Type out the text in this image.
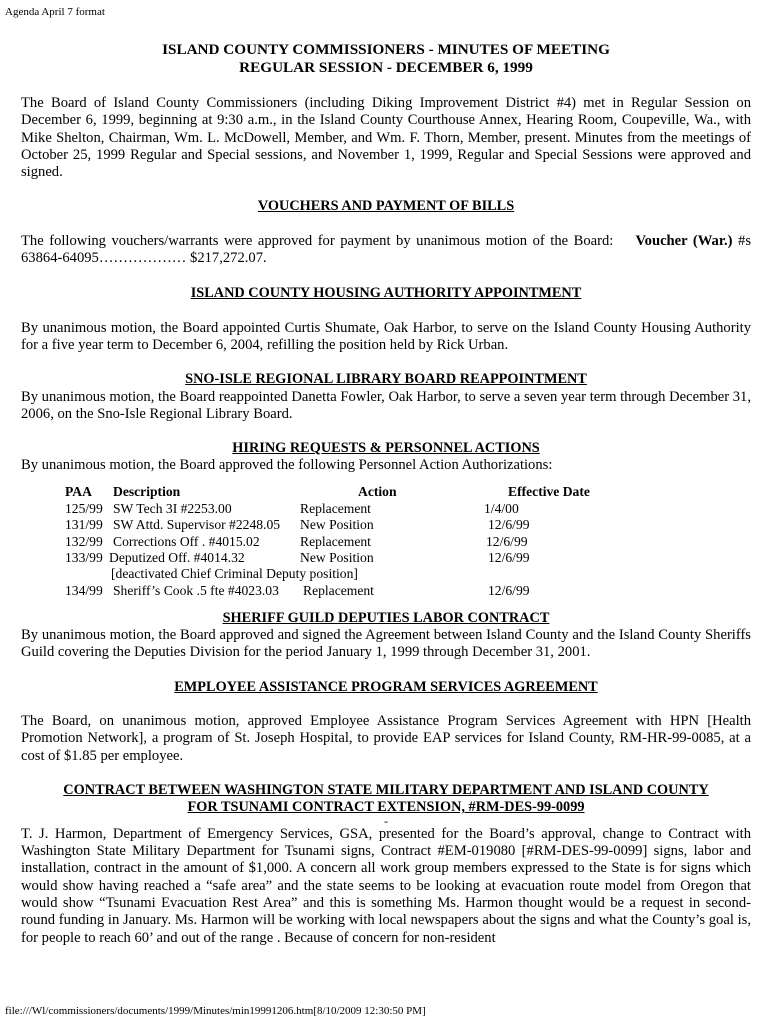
Agenda April 7 format

ISLAND COUNTY COMMISSIONERS - MINUTES OF MEETING

REGULAR SESSION - DECEMBER 6, 1999

The Board of Island County Commissioners (including Diking Improvement District #4) met in Regular Session on December 6, 1999, beginning at 9:30 a.m., in the Island County Courthouse Annex, Hearing Room, Coupeville, Wa., with Mike Shelton, Chairman, Wm. L. McDowell, Member, and Wm. F. Thorn, Member, present. Minutes from the meetings of October 25, 1999 Regular and Special sessions, and November 1, 1999, Regular and Special Sessions were approved and signed.

VOUCHERS AND PAYMENT OF BILLS

The following vouchers/warrants were approved for payment by unanimous motion of the Board: Voucher (War.) #s 63864-64095……………… $217,272.07.

ISLAND COUNTY HOUSING AUTHORITY APPOINTMENT

By unanimous motion, the Board appointed Curtis Shumate, Oak Harbor, to serve on the Island County Housing Authority for a five year term to December 6, 2004, refilling the position held by Rick Urban.

SNO-ISLE REGIONAL LIBRARY BOARD REAPPOINTMENT

By unanimous motion, the Board reappointed Danetta Fowler, Oak Harbor, to serve a seven year term through December 31, 2006, on the Sno-Isle Regional Library Board.

HIRING REQUESTS & PERSONNEL ACTIONS

By unanimous motion, the Board approved the following Personnel Action Authorizations:

PAA Description	Action	Effective Date
125/99 SW Tech 3I #2253.00	Replacement	1/4/00
131/99 SW Attd. Supervisor #2248.05 New Position	12/6/99
132/99 Corrections Off . #4015.02	Replacement	12/6/99
133/99 Deputized Off. #4014.32	New Position	12/6/99
[deactivated Chief Criminal Deputy position]
134/99 Sheriff’s Cook .5 fte #4023.03 Replacement	12/6/99

SHERIFF GUILD DEPUTIES LABOR CONTRACT

By unanimous motion, the Board approved and signed the Agreement between Island County and the Island County Sheriffs Guild covering the Deputies Division for the period January 1, 1999 through December 31, 2001.

EMPLOYEE ASSISTANCE PROGRAM SERVICES AGREEMENT

The Board, on unanimous motion, approved Employee Assistance Program Services Agreement with HPN [Health Promotion Network], a program of St. Joseph Hospital, to provide EAP services for Island County, RM-HR-99-0085, at a cost of $1.85 per employee.

CONTRACT BETWEEN WASHINGTON STATE MILITARY DEPARTMENT AND ISLAND COUNTY

FOR TSUNAMI CONTRACT EXTENSION, #RM-DES-99-0099

-

T. J. Harmon, Department of Emergency Services, GSA, presented for the Board’s approval, change to Contract with Washington State Military Department for Tsunami signs, Contract #EM-019080 [#RM-DES-99-0099] signs, labor and installation, contract in the amount of $1,000. A concern all work group members expressed to the State is for signs which would show having reached a “safe area” and the state seems to be looking at evacuation route model from Oregon that would show “Tsunami Evacuation Rest Area” and this is something Ms. Harmon thought would be a request in second-round funding in January. Ms. Harmon will be working with local newspapers about the signs and what the County’s goal is, for people to reach 60’ and out of the range . Because of concern for non-resident

file:///Wl/commissioners/documents/1999/Minutes/min19991206.htm[8/10/2009 12:30:50 PM]
